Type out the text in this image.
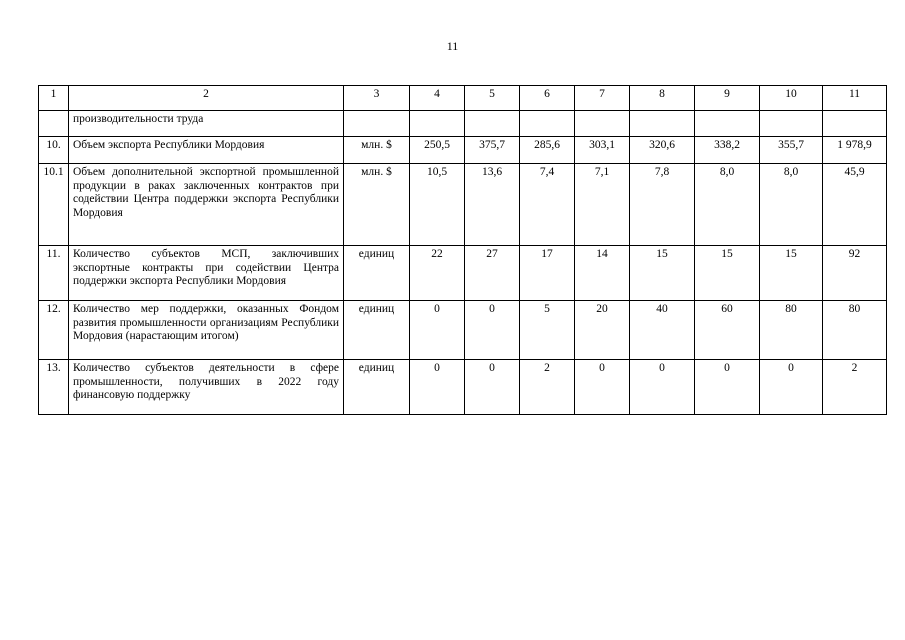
11
1	2	3	4	5	6	7	8	9	10	11
	производительности труда									
10.	Объем экспорта Республики Мордовия	млн. $	250,5	375,7	285,6	303,1	320,6	338,2	355,7	1 978,9
10.1	Объем дополнительной экспортной промышленной продукции в раках заключенных контрактов при содействии Центра поддержки экспорта Республики Мордовия	млн. $	10,5	13,6	7,4	7,1	7,8	8,0	8,0	45,9
11.	Количество субъектов МСП, заключивших экспортные контракты при содействии Центра поддержки экспорта Республики Мордовия	единиц	22	27	17	14	15	15	15	92
12.	Количество мер поддержки, оказанных Фондом развития промышленности организациям Республики Мордовия (нарастающим итогом)	единиц	0	0	5	20	40	60	80	80
13.	Количество субъектов деятельности в сфере промышленности, получивших в 2022 году финансовую поддержку	единиц	0	0	2	0	0	0	0	2
